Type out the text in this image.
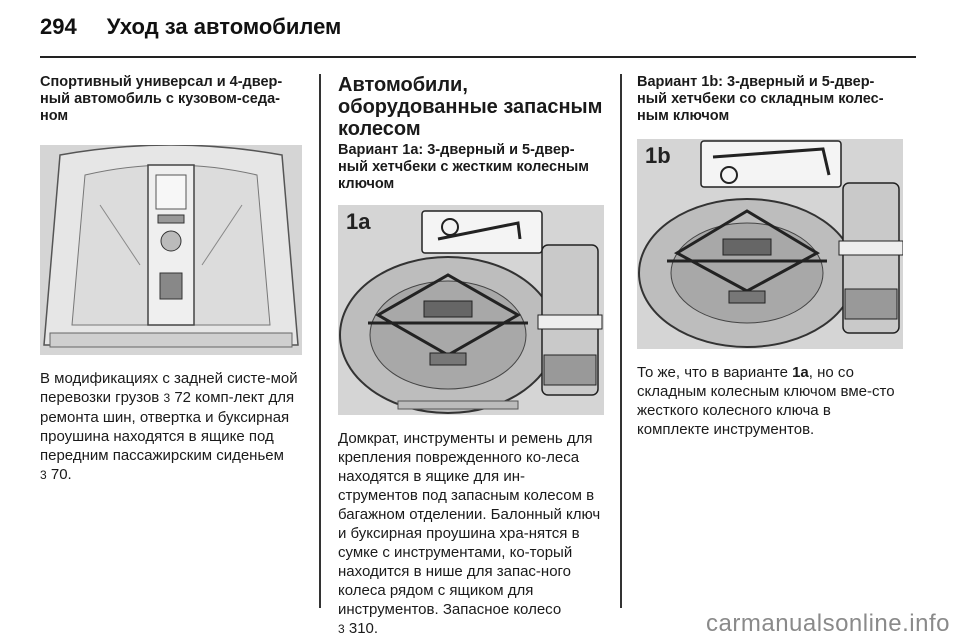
294 Уход за автомобилем

Спортивный универсал и 4-двер-ный автомобиль с кузовом-седа-ном

В модификациях с задней систе-мой перевозки грузов 3 72 комп-лект для ремонта шин, отвертка и буксирная проушина находятся в ящике под передним пассажирским сиденьем 3 70.

Автомобили, оборудованные запасным колесом

Вариант 1a: 3-дверный и 5-двер-ный хетчбеки с жестким колесным ключом

1a

Домкрат, инструменты и ремень для крепления поврежденного ко-леса находятся в ящике для ин-струментов под запасным колесом в багажном отделении. Балонный ключ и буксирная проушина хра-нятся в сумке с инструментами, ко-торый находится в нише для запас-ного колеса рядом с ящиком для инструментов. Запасное колесо 3 310.

Вариант 1b: 3-дверный и 5-двер-ный хетчбеки со складным колес-ным ключом

1b

То же, что в варианте 1a, но со складным колесным ключом вме-сто жесткого колесного ключа в комплекте инструментов.

carmanualsonline.info
